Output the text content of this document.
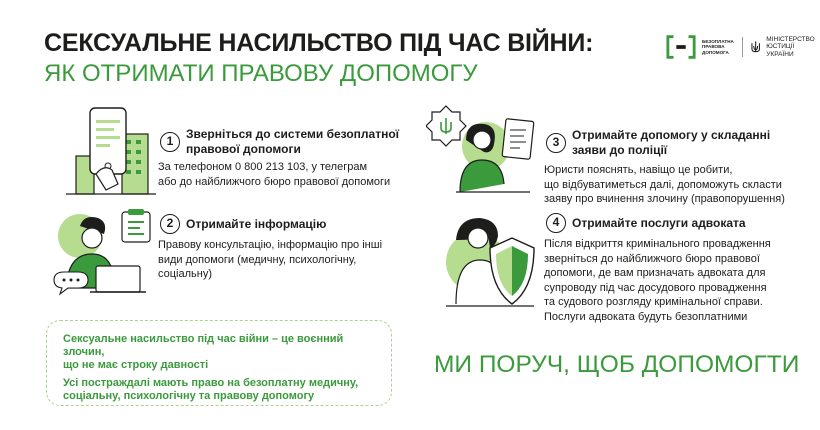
СЕКСУАЛЬНЕ НАСИЛЬСТВО ПІД ЧАС ВІЙНИ:
ЯК ОТРИМАТИ ПРАВОВУ ДОПОМОГУ
БЕЗОПЛАТНА ПРАВОВА ДОПОМОГА
МІНІСТЕРСТВО
ЮСТИЦІЇ УКРАЇНИ
1	Зверніться до системи безоплатної
правової допомоги
За телефоном 0 800 213 103, у телеграм
або до найближчого бюро правової допомоги
2	Отримайте інформацію
Правову консультацію, інформацію про інші
види допомоги (медичну, психологічну,
соціальну)
3	Отримайте допомогу у складанні
заяви до поліції
Юристи пояснять, навіщо це робити,
що відбуватиметься далі, допоможуть скласти
заяву про вчинення злочину (правопорушення)
4	Отримайте послуги адвоката
Після відкриття кримінального провадження
зверніться до найближчого бюро правової
допомоги, де вам призначать адвоката для
супроводу під час досудового провадження
та судового розгляду кримінальної справи.
Послуги адвоката будуть безоплатними
Сексуальне насильство під час війни – це воєнний злочин,
що не має строку давності
Усі постраждалі мають право на безоплатну медичну,
соціальну, психологічну та правову допомогу
МИ ПОРУЧ, ЩОБ ДОПОМОГТИ
